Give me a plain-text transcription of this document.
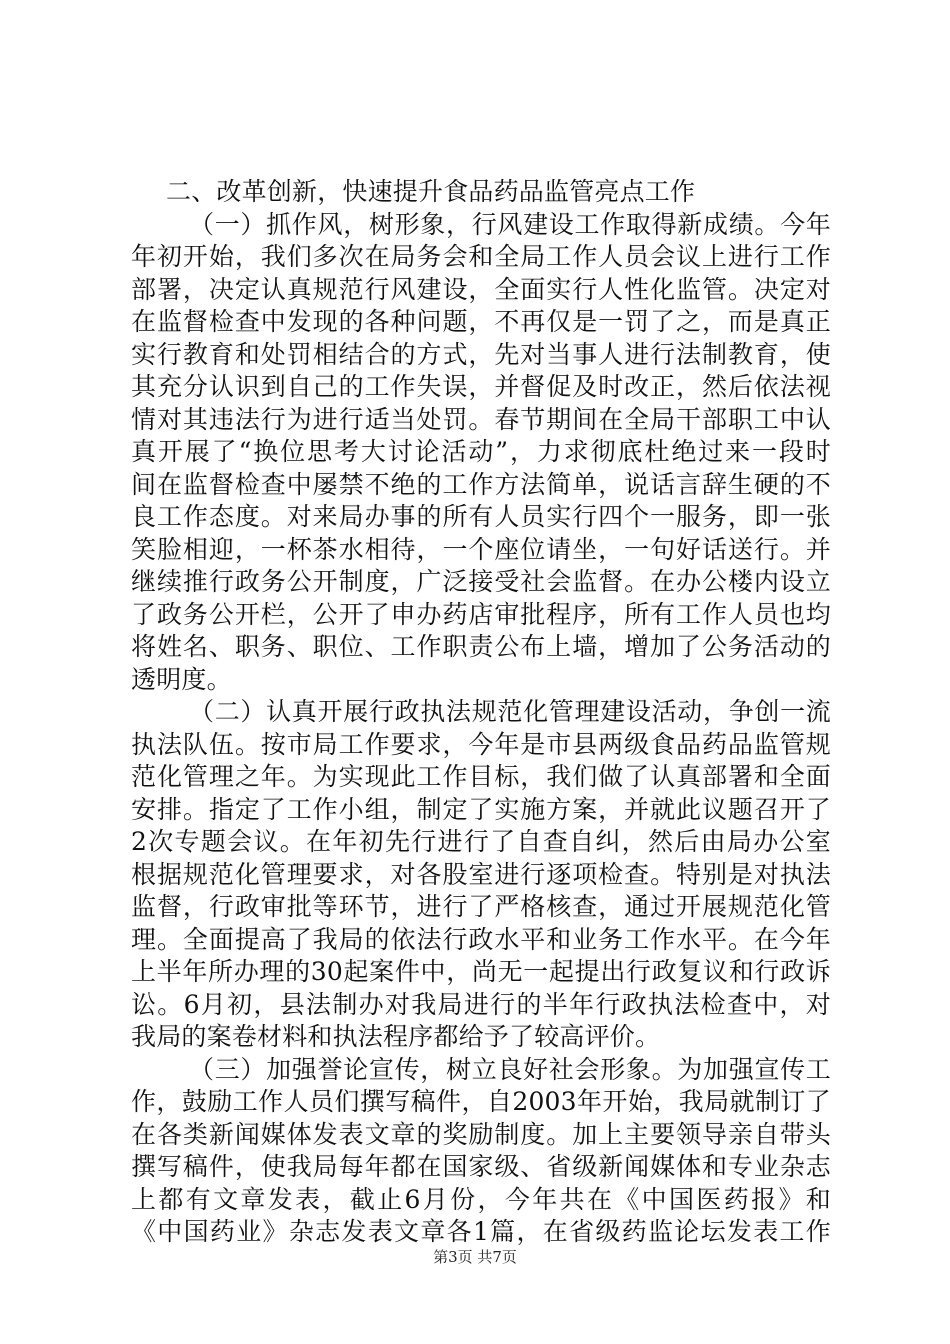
二、改革创新，快速提升食品药品监管亮点工作
（一）抓作风，树形象，行风建设工作取得新成绩。今年
年初开始，我们多次在局务会和全局工作人员会议上进行工作
部署，决定认真规范行风建设，全面实行人性化监管。决定对
在监督检查中发现的各种问题，不再仅是一罚了之，而是真正
实行教育和处罚相结合的方式，先对当事人进行法制教育，使
其充分认识到自己的工作失误，并督促及时改正，然后依法视
情对其违法行为进行适当处罚。春节期间在全局干部职工中认
真开展了“换位思考大讨论活动”，力求彻底杜绝过来一段时
间在监督检查中屡禁不绝的工作方法简单，说话言辞生硬的不
良工作态度。对来局办事的所有人员实行四个一服务，即一张
笑脸相迎，一杯茶水相待，一个座位请坐，一句好话送行。并
继续推行政务公开制度，广泛接受社会监督。在办公楼内设立
了政务公开栏，公开了申办药店审批程序，所有工作人员也均
将姓名、职务、职位、工作职责公布上墙，增加了公务活动的
透明度。
（二）认真开展行政执法规范化管理建设活动，争创一流
执法队伍。按市局工作要求，今年是市县两级食品药品监管规
范化管理之年。为实现此工作目标，我们做了认真部署和全面
安排。指定了工作小组，制定了实施方案，并就此议题召开了
2次专题会议。在年初先行进行了自查自纠，然后由局办公室
根据规范化管理要求，对各股室进行逐项检查。特别是对执法
监督，行政审批等环节，进行了严格核查，通过开展规范化管
理。全面提高了我局的依法行政水平和业务工作水平。在今年
上半年所办理的30起案件中，尚无一起提出行政复议和行政诉
讼。6月初，县法制办对我局进行的半年行政执法检查中，对
我局的案卷材料和执法程序都给予了较高评价。
（三）加强誉论宣传，树立良好社会形象。为加强宣传工
作，鼓励工作人员们撰写稿件，自2003年开始，我局就制订了
在各类新闻媒体发表文章的奖励制度。加上主要领导亲自带头
撰写稿件，使我局每年都在国家级、省级新闻媒体和专业杂志
上都有文章发表，截止6月份，今年共在《中国医药报》和
《中国药业》杂志发表文章各1篇，在省级药监论坛发表工作
第3页 共7页
